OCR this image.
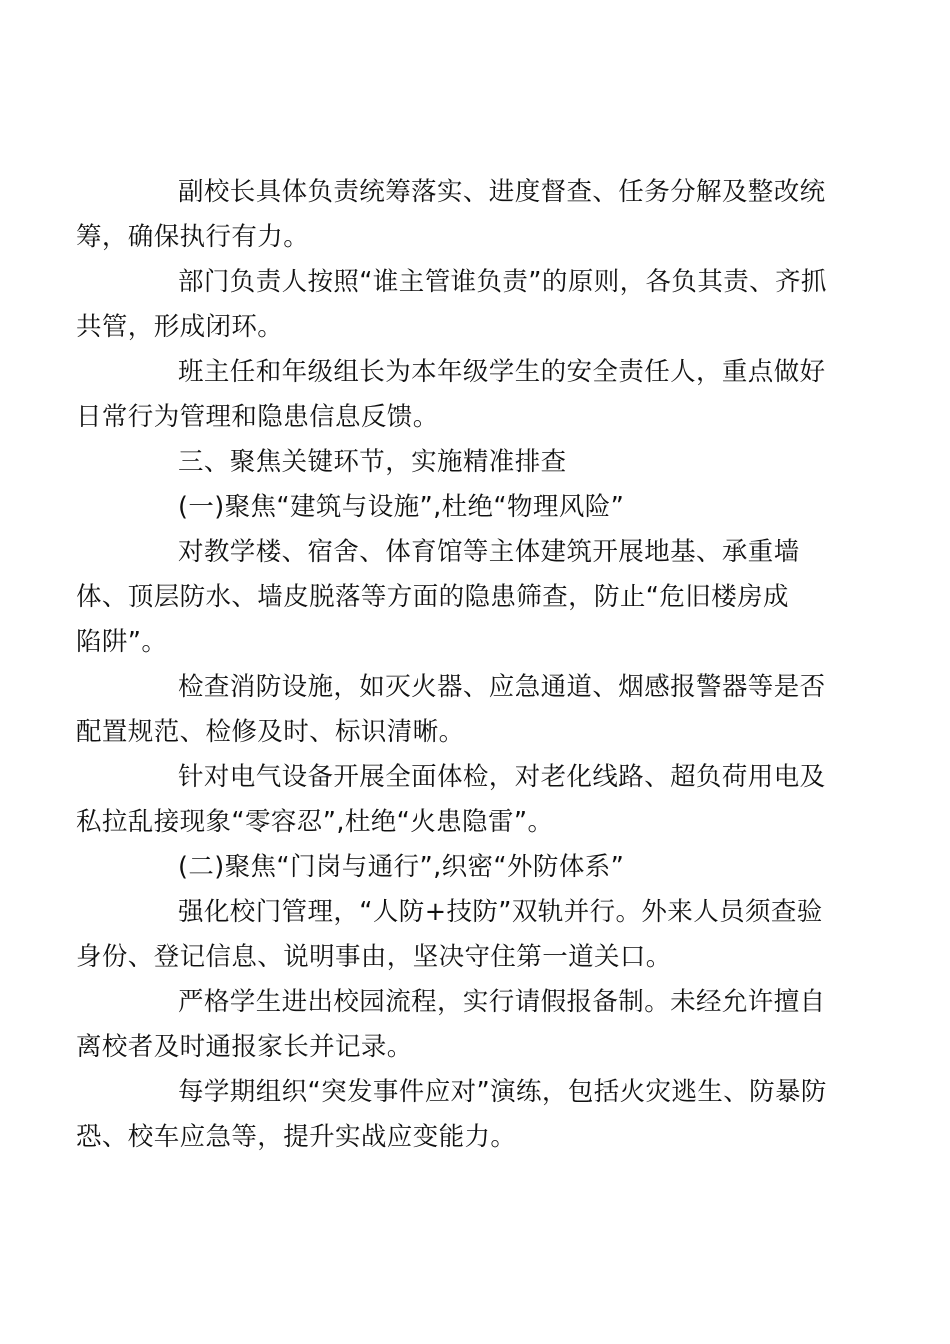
副校长具体负责统筹落实、进度督查、任务分解及整改统
筹，确保执行有力。

部门负责人按照“谁主管谁负责”的原则，各负其责、齐抓
共管，形成闭环。

班主任和年级组长为本年级学生的安全责任人，重点做好
日常行为管理和隐患信息反馈。

三、聚焦关键环节，实施精准排查

(一)聚焦“建筑与设施”,杜绝“物理风险”

对教学楼、宿舍、体育馆等主体建筑开展地基、承重墙
体、顶层防水、墙皮脱落等方面的隐患筛查，防止“危旧楼房成
陷阱”。

检查消防设施，如灭火器、应急通道、烟感报警器等是否
配置规范、检修及时、标识清晰。

针对电气设备开展全面体检，对老化线路、超负荷用电及
私拉乱接现象“零容忍”,杜绝“火患隐雷”。

(二)聚焦“门岗与通行”,织密“外防体系”

强化校门管理，“人防+技防”双轨并行。外来人员须查验
身份、登记信息、说明事由，坚决守住第一道关口。

严格学生进出校园流程，实行请假报备制。未经允许擅自
离校者及时通报家长并记录。

每学期组织“突发事件应对”演练，包括火灾逃生、防暴防
恐、校车应急等，提升实战应变能力。
